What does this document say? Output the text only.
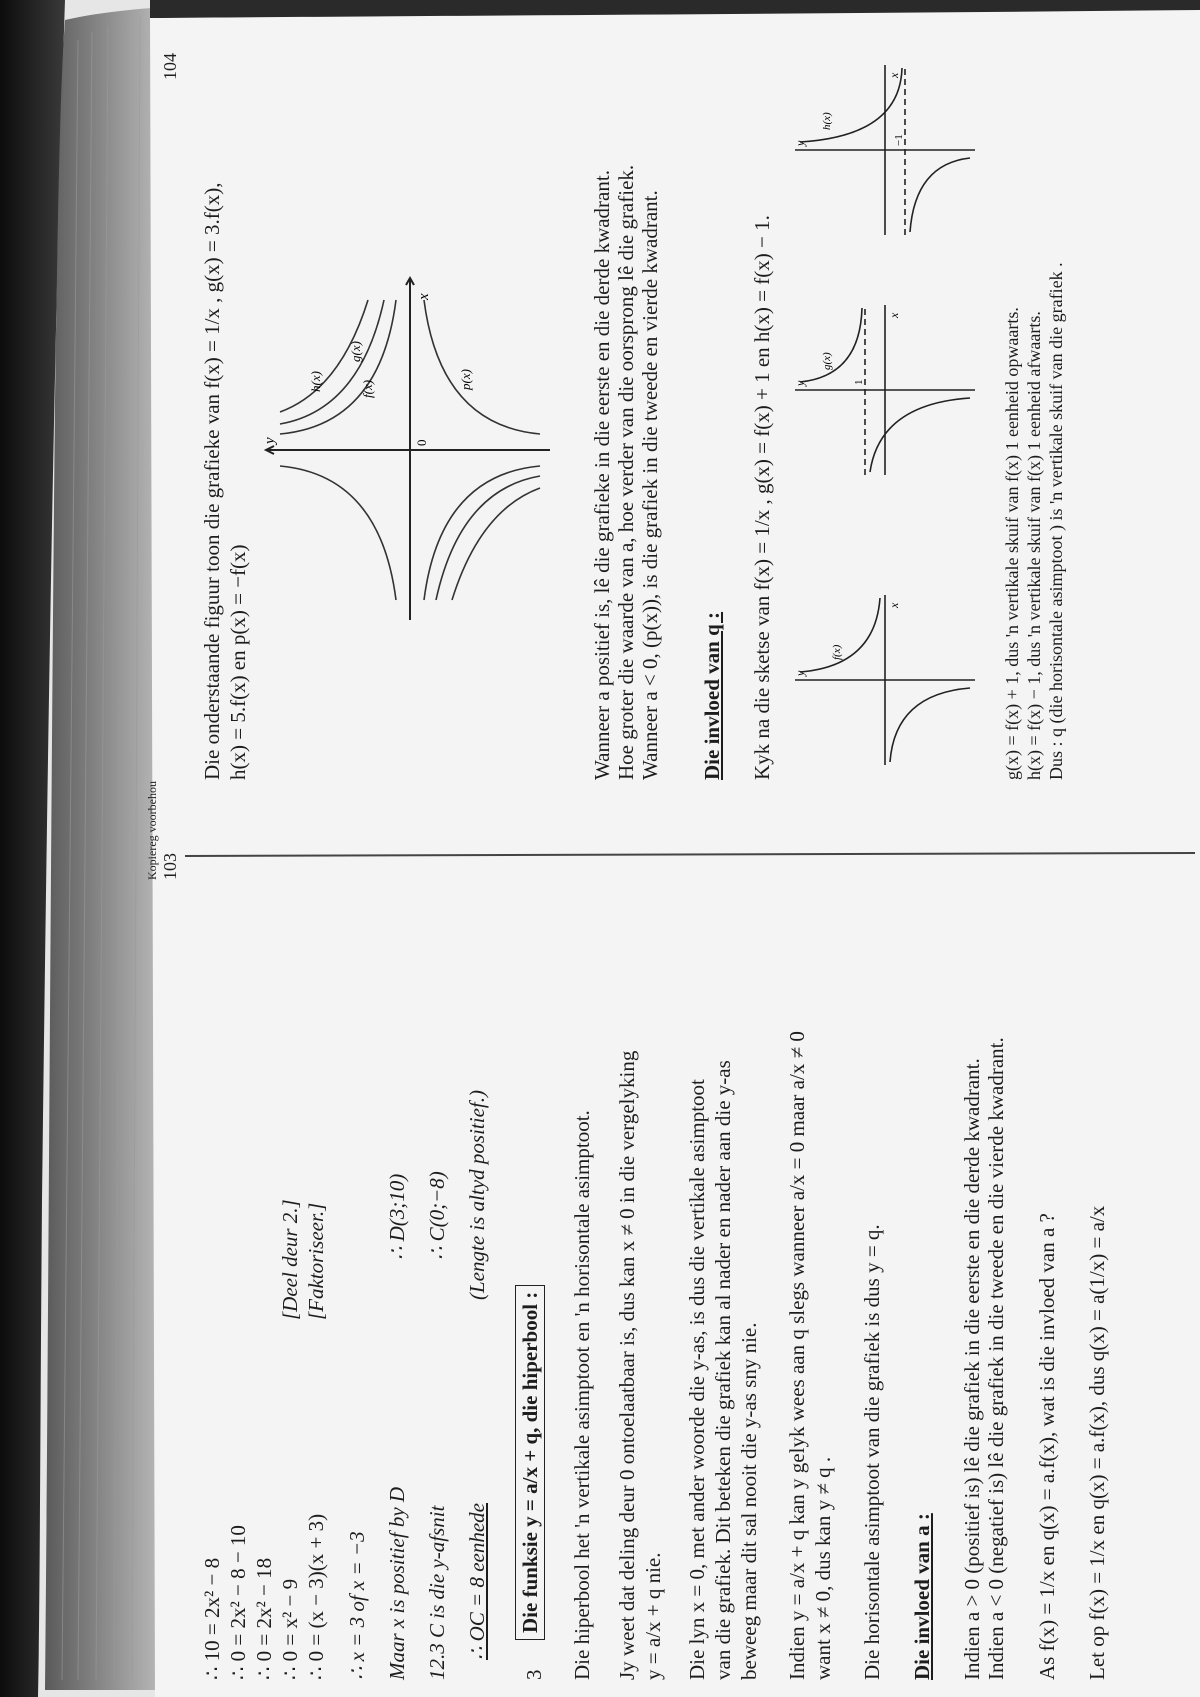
∴ 10 = 2x² − 8 ∴ 0 = 2x² − 8 − 10 ∴ 0 = 2x² − 18 ∴ 0 = x² − 9 ∴ 0 = (x − 3)(x + 3)
[Deel deur 2.] [Faktoriseer.]
∴ x = 3 of x = −3 Maar x is positief by D
∴ D(3;10)
12.3 C is die y-afsnit
∴ C(0;−8)
∴ OC = 8 eenhede
(Lengte is altyd positief.)
3
Die funksie y = a/x + q, die hiperbool : Die hiperbool het 'n vertikale asimptoot en 'n horisontale asimptoot. Jy weet dat deling deur 0 ontoelaatbaar is, dus kan x ≠ 0 in die vergelyking y = a/x + q nie. Die lyn x = 0, met ander woorde die y-as, is dus die vertikale asimptoot van die grafiek. Dit beteken die grafiek kan al nader en nader aan die y-as beweeg maar dit sal nooit die y-as sny nie. Indien y = a/x + q kan y gelyk wees aan q slegs wanneer a/x = 0 maar a/x ≠ 0 want x ≠ 0, dus kan y ≠ q . Die horisontale asimptoot van die grafiek is dus y = q. Die invloed van a : Indien a > 0 (positief is) lê die grafiek in die eerste en die derde kwadrant. Indien a < 0 (negatief is) lê die grafiek in die tweede en die vierde kwadrant. As f(x) = 1/x en q(x) = a.f(x), wat is die invloed van a ? Let op f(x) = 1/x en q(x) = a.f(x), dus q(x) = a(1/x) = a/x
103
Kopiereg voorbehou
Die onderstaande figuur toon die grafieke van f(x) = 1/x , g(x) = 3.f(x), h(x) = 5.f(x) en p(x) = −f(x)
x
y	0
h(x)
g(x)
f(x)	p(x)	Wanneer a positief is, lê die grafieke in die eerste en die derde kwadrant. Hoe groter die waarde van a, hoe verder van die oorsprong lê die grafiek. Wanneer a < 0, (p(x)), is die grafiek in die tweede en vierde kwadrant. Die invloed van q : Kyk na die sketse van f(x) = 1/x , g(x) = f(x) + 1 en h(x) = f(x) − 1.	x
y
f(x)
x
y	1
g(x)
x
y	−1
h(x)
g(x) = f(x) + 1, dus 'n vertikale skuif van f(x) 1 eenheid opwaarts. h(x) = f(x) − 1, dus 'n vertikale skuif van f(x) 1 eenheid afwaarts. Dus : q (die horisontale asimptoot ) is 'n vertikale skuif van die grafiek .
104
